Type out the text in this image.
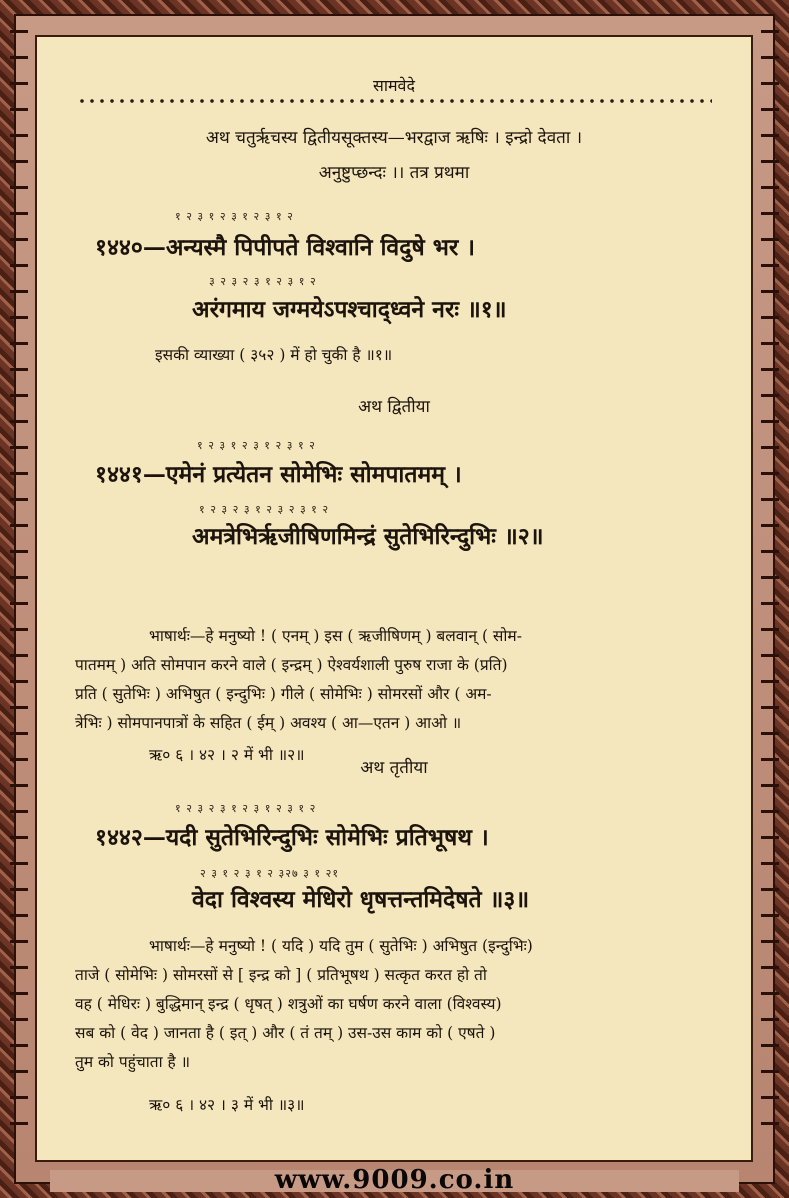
सामवेदे
अथ चतुर्ऋचस्य द्वितीयसूक्तस्य—भरद्वाज ऋषिः । इन्द्रो देवता ।
अनुष्टुप्छन्दः ।। तत्र प्रथमा
१ २ ३ १ २ ३ १ २ ३ १ २
१४४०—अन्यस्मै पिपीपते विश्वानि विदुषे भर ।
३ २ ३ २ ३ १ २ ३ १ २
अरंगमाय जग्मयेऽपश्चाद्ध्वने नरः ॥१॥
इसकी व्याख्या ( ३५२ ) में हो चुकी है ॥१॥
अथ द्वितीया
१ २ ३ १ २ ३ १ २ ३ १ २
१४४१—एमेनं प्रत्येतन सोमेभिः सोमपातमम् ।
१ २ ३ २ ३ १ २ ३ २ ३ १ २
अमत्रेभिर्ऋजीषिणमिन्द्रं सुतेभिरिन्दुभिः ॥२॥
भाषार्थः—हे मनुष्यो ! ( एनम् ) इस ( ऋजीषिणम् ) बलवान् ( सोम-
पातमम् ) अति सोमपान करने वाले ( इन्द्रम् ) ऐश्वर्यशाली पुरुष राजा के (प्रति)
प्रति ( सुतेभिः ) अभिषुत ( इन्दुभिः ) गीले ( सोमेभिः ) सोमरसों और ( अम-
त्रेभिः ) सोमपानपात्रों के सहित ( ईम् ) अवश्य ( आ—एतन ) आओ ॥
ऋ० ६ । ४२ । २ में भी ॥२॥
अथ तृतीया
१ २ ३ २ ३ १ २ ३ १ २ ३ १ २
१४४२—यदी सुतेभिरिन्दुभिः सोमेभिः प्रतिभूषथ ।
२ ३ १ २ ३ १ २ ३२७ ३ १ २१
वेदा विश्वस्य मेधिरो धृषत्तन्तमिदेषते ॥३॥
भाषार्थः—हे मनुष्यो ! ( यदि ) यदि तुम ( सुतेभिः ) अभिषुत (इन्दुभिः)
ताजे ( सोमेभिः ) सोमरसों से [ इन्द्र को ] ( प्रतिभूषथ ) सत्कृत करत हो तो
वह ( मेधिरः ) बुद्धिमान् इन्द्र ( धृषत् ) शत्रुओं का घर्षण करने वाला (विश्वस्य)
सब को ( वेद ) जानता है ( इत् ) और ( तं तम् ) उस-उस काम को ( एषते )
तुम को पहुंचाता है ॥
ऋ० ६ । ४२ । ३ में भी ॥३॥
www.9009.co.in
